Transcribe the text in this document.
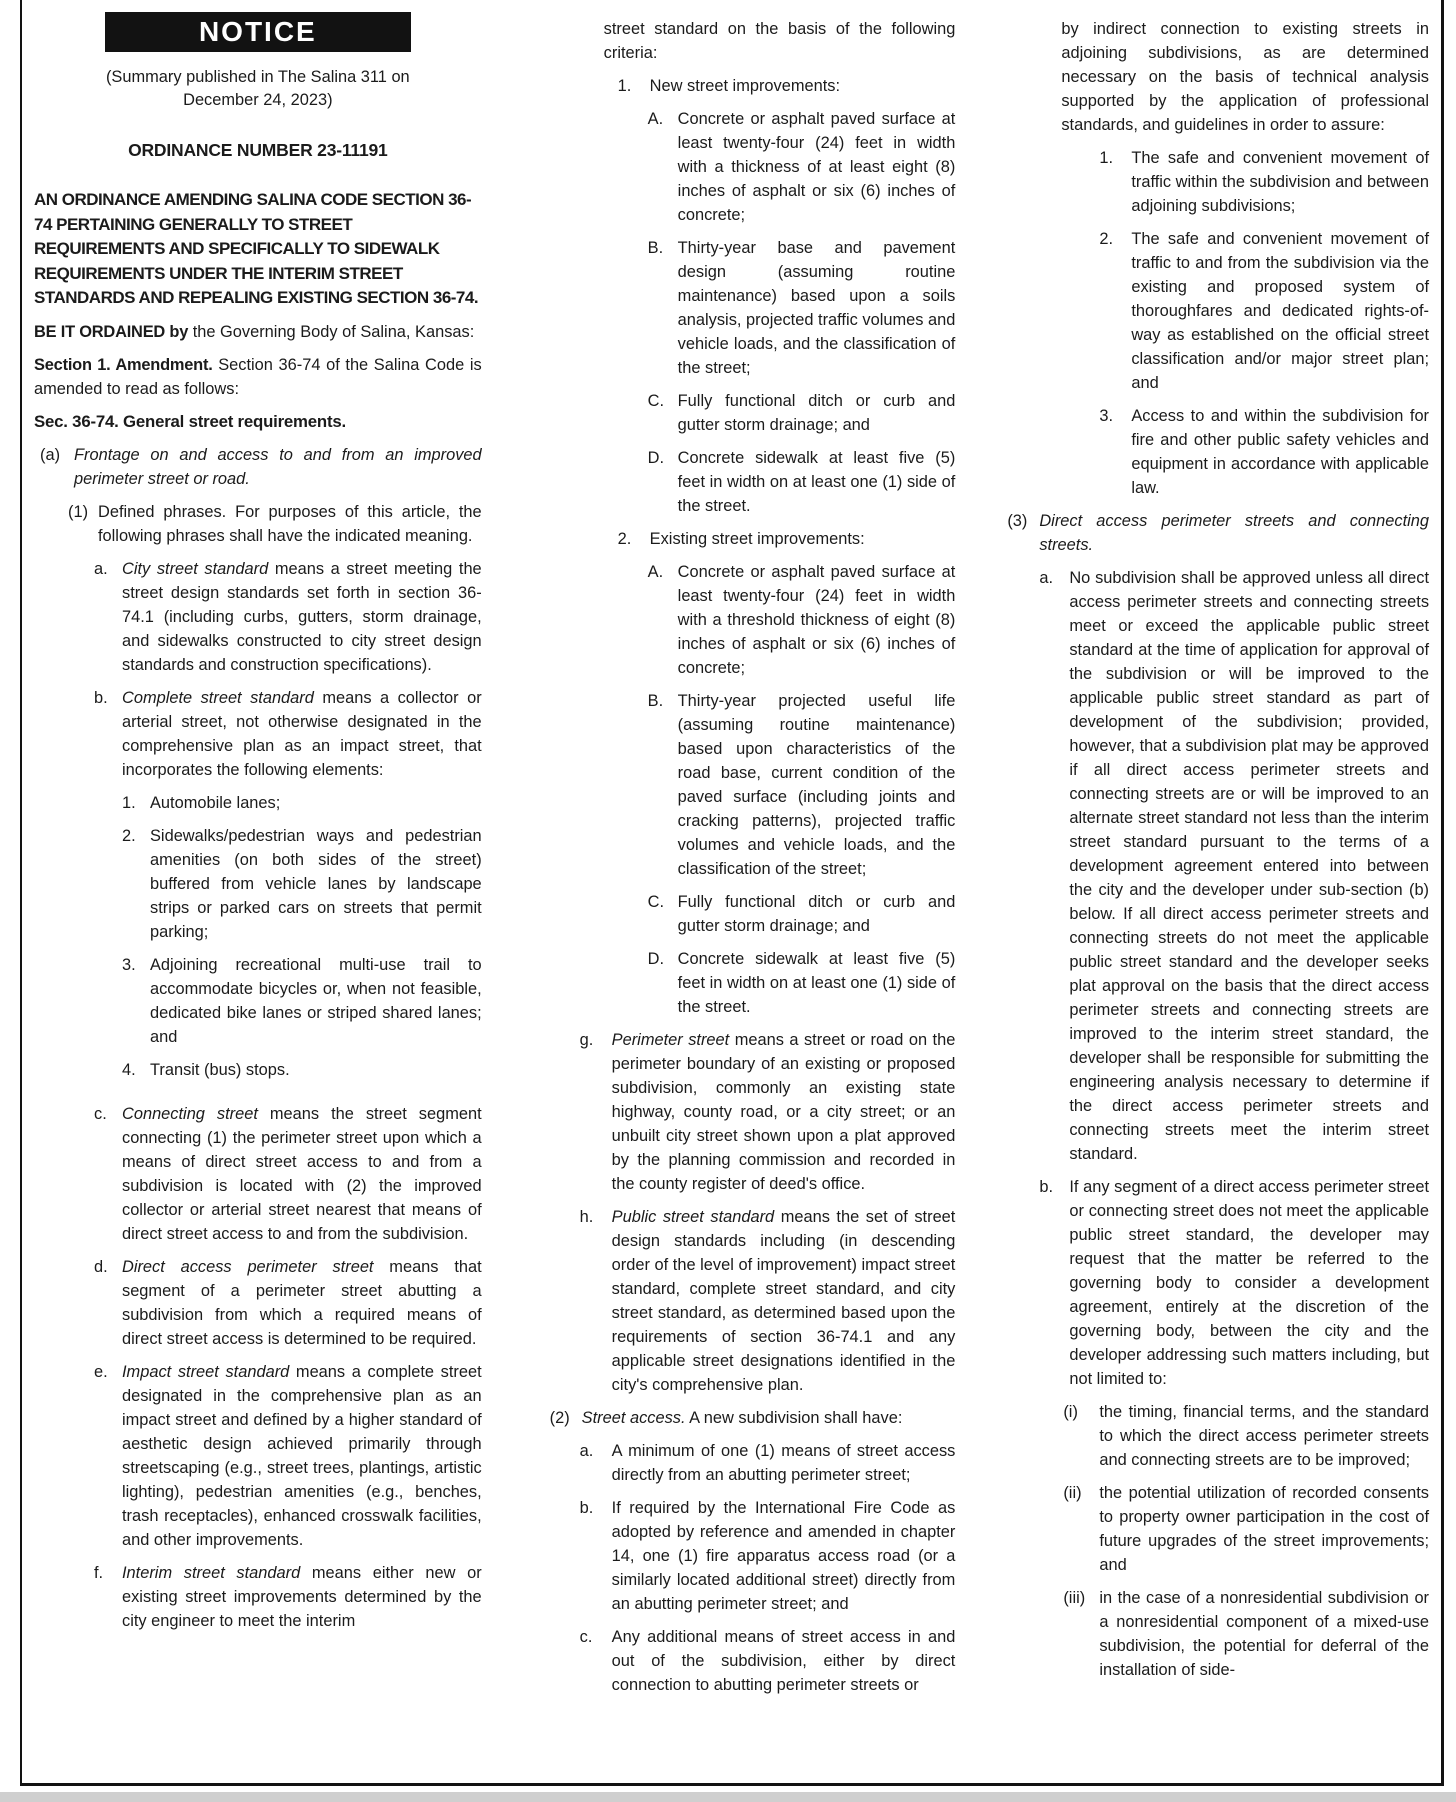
NOTICE
(Summary published in The Salina 311 on December 24, 2023)
ORDINANCE NUMBER 23-11191
AN ORDINANCE AMENDING SALINA CODE SECTION 36-74 PERTAINING GENERALLY TO STREET REQUIREMENTS AND SPECIFICALLY TO SIDEWALK REQUIREMENTS UNDER THE INTERIM STREET STANDARDS AND REPEALING EXISTING SECTION 36-74.
BE IT ORDAINED by the Governing Body of Salina, Kansas:
Section 1. Amendment. Section 36-74 of the Salina Code is amended to read as follows:
Sec. 36-74. General street requirements.
(a) Frontage on and access to and from an improved perimeter street or road.
(1) Defined phrases. For purposes of this article, the following phrases shall have the indicated meaning.
a. City street standard means a street meeting the street design standards set forth in section 36-74.1 (including curbs, gutters, storm drainage, and sidewalks constructed to city street design standards and construction specifications).
b. Complete street standard means a collector or arterial street, not otherwise designated in the comprehensive plan as an impact street, that incorporates the following elements:
1. Automobile lanes;
2. Sidewalks/pedestrian ways and pedestrian amenities (on both sides of the street) buffered from vehicle lanes by landscape strips or parked cars on streets that permit parking;
3. Adjoining recreational multi-use trail to accommodate bicycles or, when not feasible, dedicated bike lanes or striped shared lanes; and
4. Transit (bus) stops.
c. Connecting street means the street segment connecting (1) the perimeter street upon which a means of direct street access to and from a subdivision is located with (2) the improved collector or arterial street nearest that means of direct street access to and from the subdivision.
d. Direct access perimeter street means that segment of a perimeter street abutting a subdivision from which a required means of direct street access is determined to be required.
e. Impact street standard means a complete street designated in the comprehensive plan as an impact street and defined by a higher standard of aesthetic design achieved primarily through streetscaping (e.g., street trees, plantings, artistic lighting), pedestrian amenities (e.g., benches, trash receptacles), enhanced crosswalk facilities, and other improvements.
f. Interim street standard means either new or existing street improvements determined by the city engineer to meet the interim
street standard on the basis of the following criteria:
1. New street improvements:
A. Concrete or asphalt paved surface at least twenty-four (24) feet in width with a thickness of at least eight (8) inches of asphalt or six (6) inches of concrete;
B. Thirty-year base and pavement design (assuming routine maintenance) based upon a soils analysis, projected traffic volumes and vehicle loads, and the classification of the street;
C. Fully functional ditch or curb and gutter storm drainage; and
D. Concrete sidewalk at least five (5) feet in width on at least one (1) side of the street.
2. Existing street improvements:
A. Concrete or asphalt paved surface at least twenty-four (24) feet in width with a threshold thickness of eight (8) inches of asphalt or six (6) inches of concrete;
B. Thirty-year projected useful life (assuming routine maintenance) based upon characteristics of the road base, current condition of the paved surface (including joints and cracking patterns), projected traffic volumes and vehicle loads, and the classification of the street;
C. Fully functional ditch or curb and gutter storm drainage; and
D. Concrete sidewalk at least five (5) feet in width on at least one (1) side of the street.
g. Perimeter street means a street or road on the perimeter boundary of an existing or proposed subdivision, commonly an existing state highway, county road, or a city street; or an unbuilt city street shown upon a plat approved by the planning commission and recorded in the county register of deed's office.
h. Public street standard means the set of street design standards including (in descending order of the level of improvement) impact street standard, complete street standard, and city street standard, as determined based upon the requirements of section 36-74.1 and any applicable street designations identified in the city's comprehensive plan.
(2) Street access. A new subdivision shall have:
a. A minimum of one (1) means of street access directly from an abutting perimeter street;
b. If required by the International Fire Code as adopted by reference and amended in chapter 14, one (1) fire apparatus access road (or a similarly located additional street) directly from an abutting perimeter street; and
c. Any additional means of street access in and out of the subdivision, either by direct connection to abutting perimeter streets or
by indirect connection to existing streets in adjoining subdivisions, as are determined necessary on the basis of technical analysis supported by the application of professional standards, and guidelines in order to assure:
1. The safe and convenient movement of traffic within the subdivision and between adjoining subdivisions;
2. The safe and convenient movement of traffic to and from the subdivision via the existing and proposed system of thoroughfares and dedicated rights-of-way as established on the official street classification and/or major street plan; and
3. Access to and within the subdivision for fire and other public safety vehicles and equipment in accordance with applicable law.
(3) Direct access perimeter streets and connecting streets.
a. No subdivision shall be approved unless all direct access perimeter streets and connecting streets meet or exceed the applicable public street standard at the time of application for approval of the subdivision or will be improved to the applicable public street standard as part of development of the subdivision; provided, however, that a subdivision plat may be approved if all direct access perimeter streets and connecting streets are or will be improved to an alternate street standard not less than the interim street standard pursuant to the terms of a development agreement entered into between the city and the developer under sub-section (b) below. If all direct access perimeter streets and connecting streets do not meet the applicable public street standard and the developer seeks plat approval on the basis that the direct access perimeter streets and connecting streets are improved to the interim street standard, the developer shall be responsible for submitting the engineering analysis necessary to determine if the direct access perimeter streets and connecting streets meet the interim street standard.
b. If any segment of a direct access perimeter street or connecting street does not meet the applicable public street standard, the developer may request that the matter be referred to the governing body to consider a development agreement, entirely at the discretion of the governing body, between the city and the developer addressing such matters including, but not limited to:
(i) the timing, financial terms, and the standard to which the direct access perimeter streets and connecting streets are to be improved;
(ii) the potential utilization of recorded consents to property owner participation in the cost of future upgrades of the street improvements; and
(iii) in the case of a nonresidential subdivision or a nonresidential component of a mixed-use subdivision, the potential for deferral of the installation of side-
